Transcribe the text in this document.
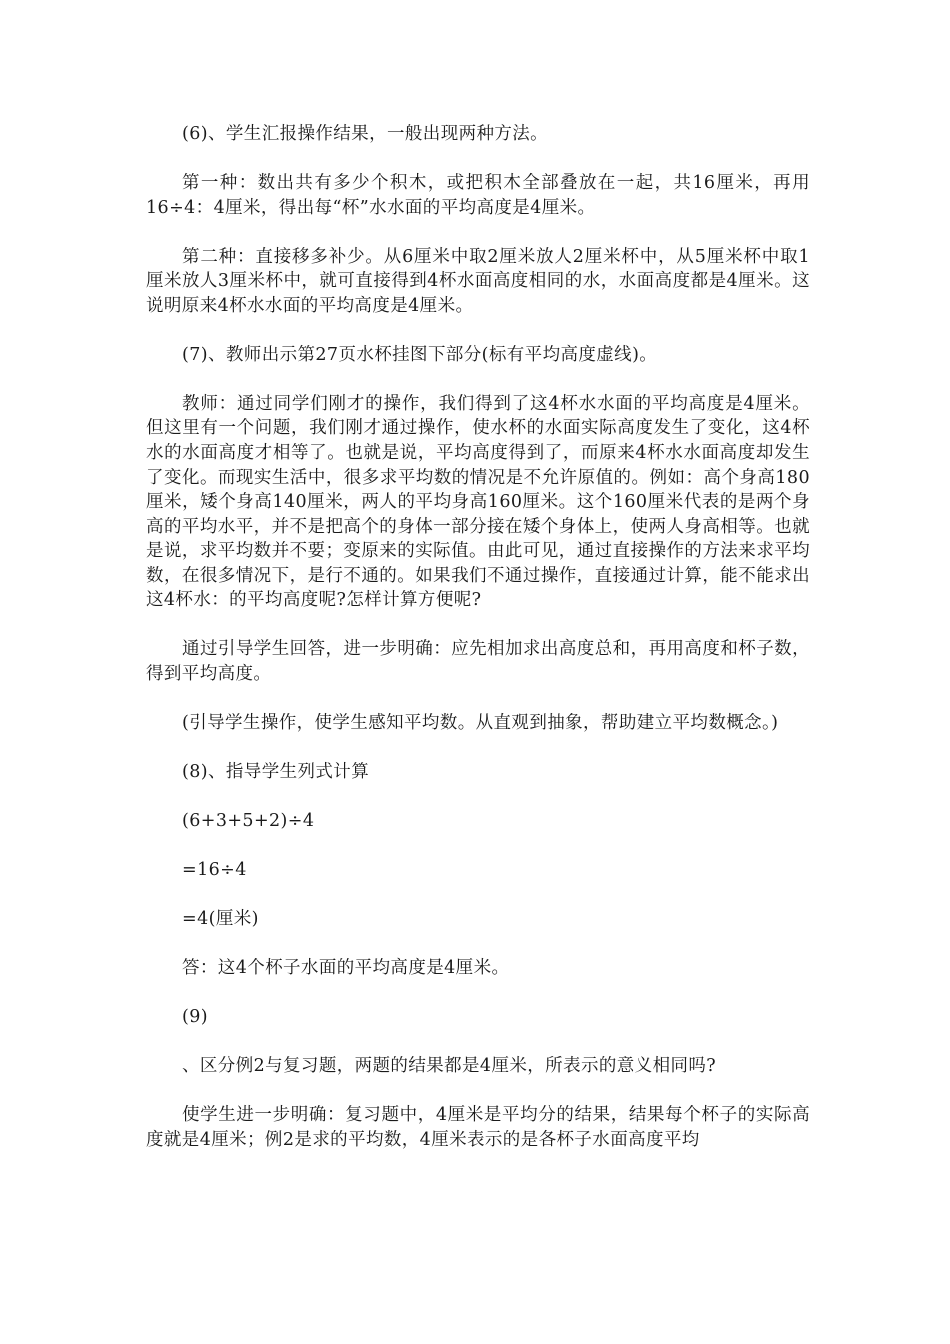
(6)、学生汇报操作结果，一般出现两种方法。

第一种：数出共有多少个积木，或把积木全部叠放在一起，共16厘米，再用16÷4：4厘米，得出每“杯”水水面的平均高度是4厘米。

第二种：直接移多补少。从6厘米中取2厘米放人2厘米杯中，从5厘米杯中取1厘米放人3厘米杯中，就可直接得到4杯水面高度相同的水，水面高度都是4厘米。这说明原来4杯水水面的平均高度是4厘米。

(7)、教师出示第27页水杯挂图下部分(标有平均高度虚线)。

教师：通过同学们刚才的操作，我们得到了这4杯水水面的平均高度是4厘米。但这里有一个问题，我们刚才通过操作，使水杯的水面实际高度发生了变化，这4杯水的水面高度才相等了。也就是说，平均高度得到了，而原来4杯水水面高度却发生了变化。而现实生活中，很多求平均数的情况是不允许原值的。例如：高个身高180厘米，矮个身高140厘米，两人的平均身高160厘米。这个160厘米代表的是两个身高的平均水平，并不是把高个的身体一部分接在矮个身体上，使两人身高相等。也就是说，求平均数并不要；变原来的实际值。由此可见，通过直接操作的方法来求平均数，在很多情况下，是行不通的。如果我们不通过操作，直接通过计算，能不能求出这4杯水：的平均高度呢?怎样计算方便呢?

通过引导学生回答，进一步明确：应先相加求出高度总和，再用高度和杯子数，得到平均高度。

(引导学生操作，使学生感知平均数。从直观到抽象，帮助建立平均数概念。)

(8)、指导学生列式计算

(6+3+5+2)÷4

=16÷4

=4(厘米)

答：这4个杯子水面的平均高度是4厘米。

(9)

、区分例2与复习题，两题的结果都是4厘米，所表示的意义相同吗?

使学生进一步明确：复习题中，4厘米是平均分的结果，结果每个杯子的实际高度就是4厘米；例2是求的平均数，4厘米表示的是各杯子水面高度平均
